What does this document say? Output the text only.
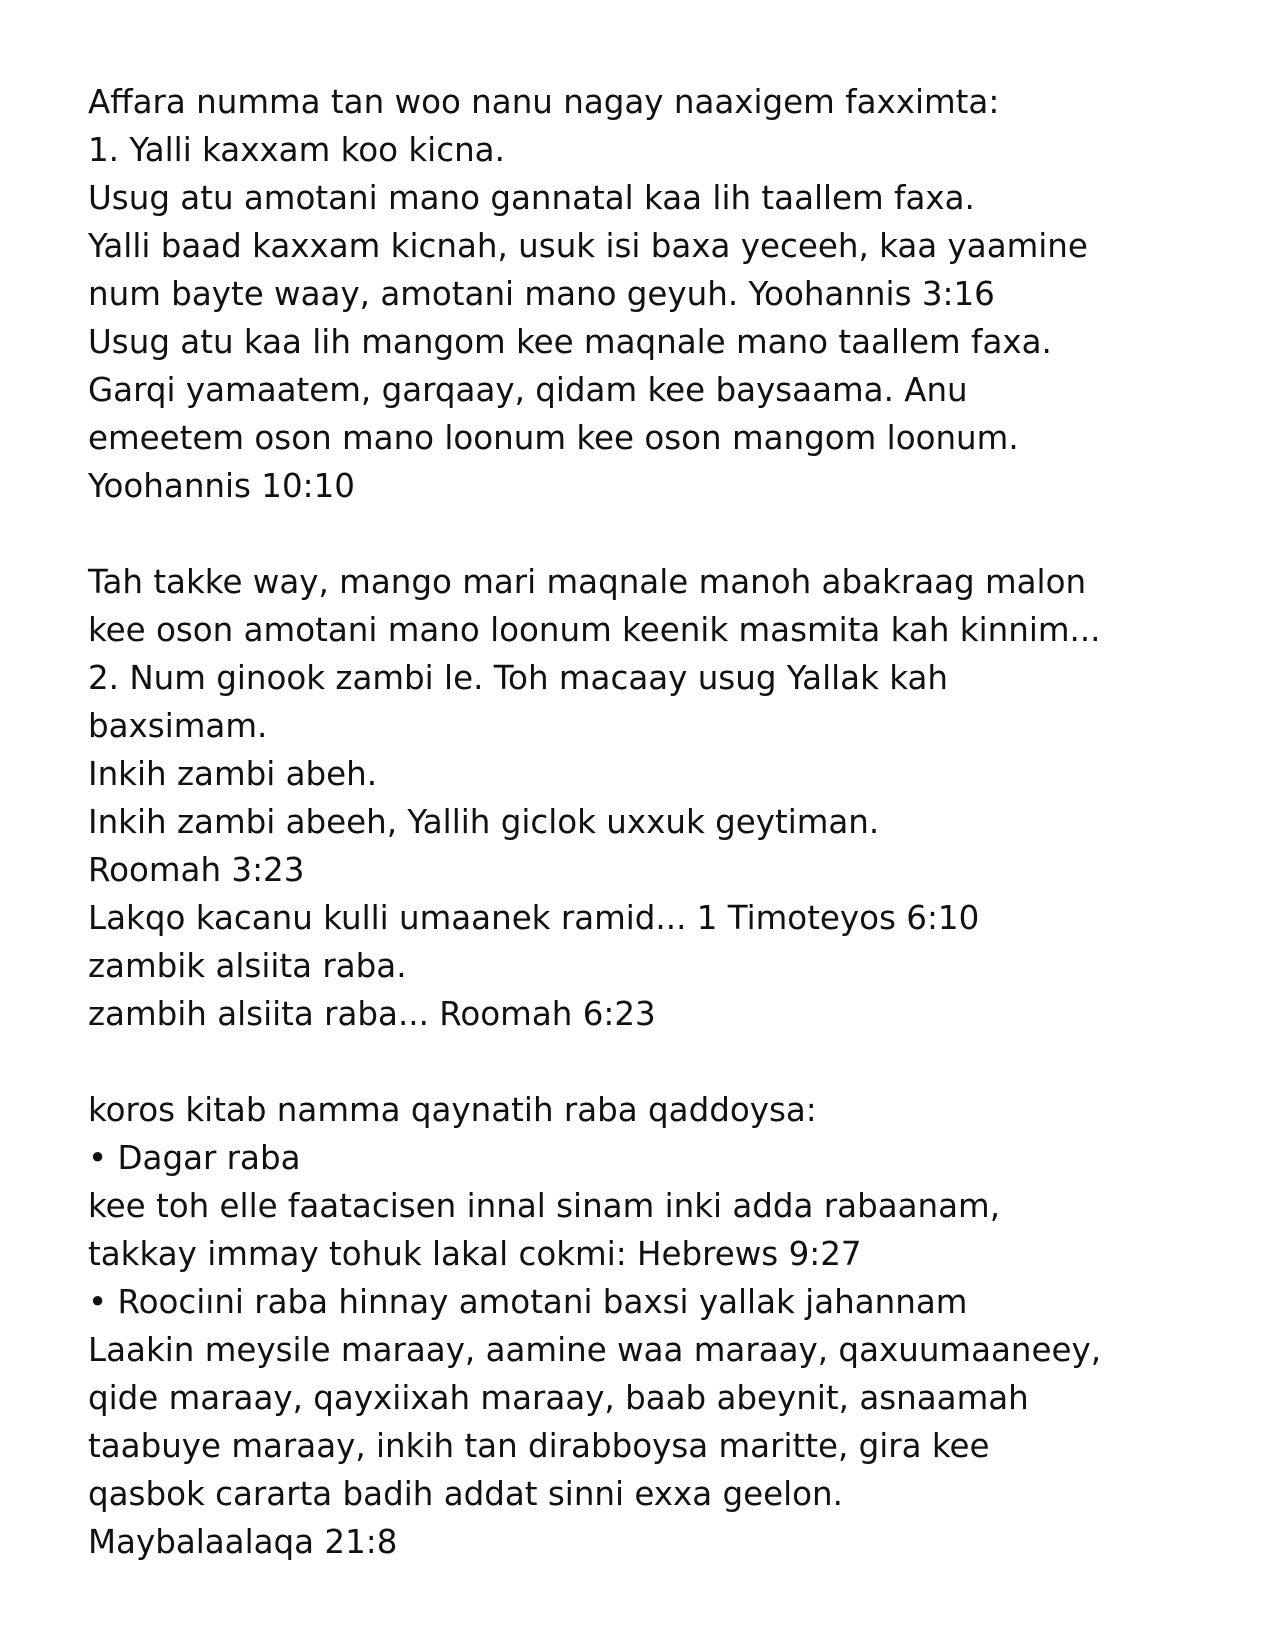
Affara numma tan woo nanu nagay naaxigem faxximta:
1. Yalli kaxxam koo kicna.
Usug atu amotani mano gannatal kaa lih taallem faxa.
Yalli baad kaxxam kicnah, usuk isi baxa yeceeh, kaa yaamine
num bayte waay, amotani mano geyuh. Yoohannis 3:16
Usug atu kaa lih mangom kee maqnale mano taallem faxa.
Garqi yamaatem, garqaay, qidam kee baysaama. Anu
emeetem oson mano loonum kee oson mangom loonum.
Yoohannis 10:10
Tah takke way, mango mari maqnale manoh abakraag malon
kee oson amotani mano loonum keenik masmita kah kinnim...
2. Num ginook zambi le. Toh macaay usug Yallak kah
baxsimam.
Inkih zambi abeh.
Inkih zambi abeeh, Yallih giclok uxxuk geytiman.
Roomah 3:23
Lakqo kacanu kulli umaanek ramid... 1 Timoteyos 6:10
zambik alsiita raba.
zambih alsiita raba... Roomah 6:23
koros kitab namma qaynatih raba qaddoysa:
• Dagar raba
kee toh elle faatacisen innal sinam inki adda rabaanam,
takkay immay tohuk lakal cokmi: Hebrews 9:27
• Roociıni raba hinnay amotani baxsi yallak jahannam
Laakin meysile maraay, aamine waa maraay, qaxuumaaneey,
qide maraay, qayxiixah maraay, baab abeynit, asnaamah
taabuye maraay, inkih tan dirabboysa maritte, gira kee
qasbok cararta badih addat sinni exxa geelon.
Maybalaalaqa 21:8
